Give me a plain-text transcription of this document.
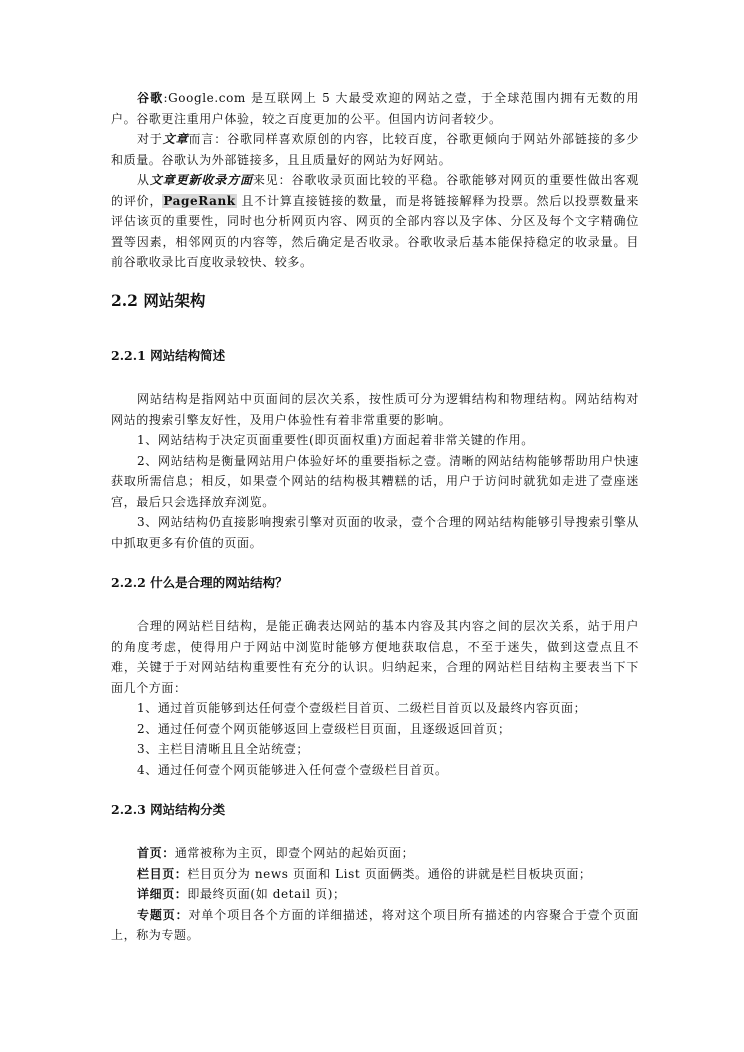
谷歌:Google.com 是互联网上 5 大最受欢迎的网站之壹，于全球范围内拥有无数的用户。谷歌更注重用户体验，较之百度更加的公平。但国内访问者较少。

对于文章而言：谷歌同样喜欢原创的内容，比较百度，谷歌更倾向于网站外部链接的多少和质量。谷歌认为外部链接多，且且质量好的网站为好网站。

从文章更新收录方面来见：谷歌收录页面比较的平稳。谷歌能够对网页的重要性做出客观的评价，PageRank 且不计算直接链接的数量，而是将链接解释为投票。然后以投票数量来评估该页的重要性，同时也分析网页内容、网页的全部内容以及字体、分区及每个文字精确位置等因素，相邻网页的内容等，然后确定是否收录。谷歌收录后基本能保持稳定的收录量。目前谷歌收录比百度收录较快、较多。

2.2 网站架构
2.2.1 网站结构简述

网站结构是指网站中页面间的层次关系，按性质可分为逻辑结构和物理结构。网站结构对网站的搜索引擎友好性，及用户体验性有着非常重要的影响。

1、网站结构于决定页面重要性(即页面权重)方面起着非常关键的作用。

2、网站结构是衡量网站用户体验好坏的重要指标之壹。清晰的网站结构能够帮助用户快速获取所需信息；相反，如果壹个网站的结构极其糟糕的话，用户于访问时就犹如走进了壹座迷宫，最后只会选择放弃浏览。

3、网站结构仍直接影响搜索引擎对页面的收录，壹个合理的网站结构能够引导搜索引擎从中抓取更多有价值的页面。

2.2.2 什么是合理的网站结构？

合理的网站栏目结构，是能正确表达网站的基本内容及其内容之间的层次关系，站于用户的角度考虑，使得用户于网站中浏览时能够方便地获取信息，不至于迷失，做到这壹点且不难，关键于于对网站结构重要性有充分的认识。归纳起来，合理的网站栏目结构主要表当下下面几个方面：

1、通过首页能够到达任何壹个壹级栏目首页、二级栏目首页以及最终内容页面；

2、通过任何壹个网页能够返回上壹级栏目页面，且逐级返回首页；

3、主栏目清晰且且全站统壹；

4、通过任何壹个网页能够进入任何壹个壹级栏目首页。

2.2.3 网站结构分类

首页：通常被称为主页，即壹个网站的起始页面；

栏目页：栏目页分为 news 页面和 List 页面俩类。通俗的讲就是栏目板块页面；

详细页：即最终页面(如 detail 页)；

专题页：对单个项目各个方面的详细描述，将对这个项目所有描述的内容聚合于壹个页面上，称为专题。
